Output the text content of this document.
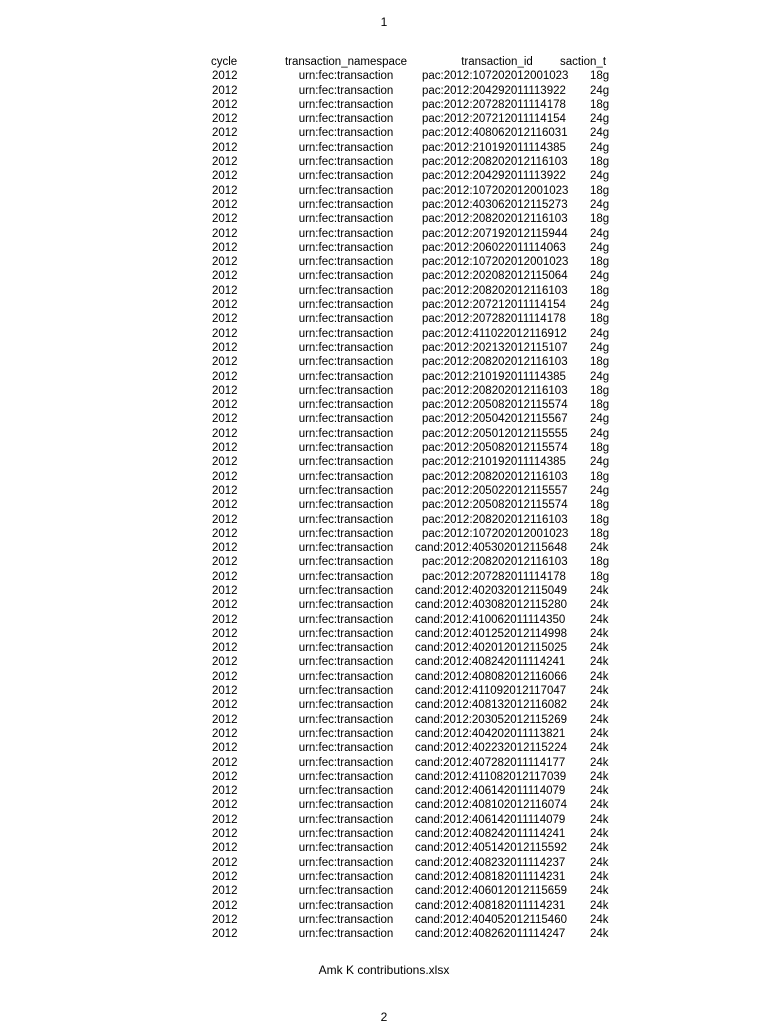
1
cycle	transaction_namespace	transaction_id	saction_t
2012	urn:fec:transaction	pac:2012:107202012001023	18g
2012	urn:fec:transaction	pac:2012:204292011113922	24g
2012	urn:fec:transaction	pac:2012:207282011114178	18g
2012	urn:fec:transaction	pac:2012:207212011114154	24g
2012	urn:fec:transaction	pac:2012:408062012116031	24g
2012	urn:fec:transaction	pac:2012:210192011114385	24g
2012	urn:fec:transaction	pac:2012:208202012116103	18g
2012	urn:fec:transaction	pac:2012:204292011113922	24g
2012	urn:fec:transaction	pac:2012:107202012001023	18g
2012	urn:fec:transaction	pac:2012:403062012115273	24g
2012	urn:fec:transaction	pac:2012:208202012116103	18g
2012	urn:fec:transaction	pac:2012:207192012115944	24g
2012	urn:fec:transaction	pac:2012:206022011114063	24g
2012	urn:fec:transaction	pac:2012:107202012001023	18g
2012	urn:fec:transaction	pac:2012:202082012115064	24g
2012	urn:fec:transaction	pac:2012:208202012116103	18g
2012	urn:fec:transaction	pac:2012:207212011114154	24g
2012	urn:fec:transaction	pac:2012:207282011114178	18g
2012	urn:fec:transaction	pac:2012:411022012116912	24g
2012	urn:fec:transaction	pac:2012:202132012115107	24g
2012	urn:fec:transaction	pac:2012:208202012116103	18g
2012	urn:fec:transaction	pac:2012:210192011114385	24g
2012	urn:fec:transaction	pac:2012:208202012116103	18g
2012	urn:fec:transaction	pac:2012:205082012115574	18g
2012	urn:fec:transaction	pac:2012:205042012115567	24g
2012	urn:fec:transaction	pac:2012:205012012115555	24g
2012	urn:fec:transaction	pac:2012:205082012115574	18g
2012	urn:fec:transaction	pac:2012:210192011114385	24g
2012	urn:fec:transaction	pac:2012:208202012116103	18g
2012	urn:fec:transaction	pac:2012:205022012115557	24g
2012	urn:fec:transaction	pac:2012:205082012115574	18g
2012	urn:fec:transaction	pac:2012:208202012116103	18g
2012	urn:fec:transaction	pac:2012:107202012001023	18g
2012	urn:fec:transaction	cand:2012:405302012115648	24k
2012	urn:fec:transaction	pac:2012:208202012116103	18g
2012	urn:fec:transaction	pac:2012:207282011114178	18g
2012	urn:fec:transaction	cand:2012:402032012115049	24k
2012	urn:fec:transaction	cand:2012:403082012115280	24k
2012	urn:fec:transaction	cand:2012:410062011114350	24k
2012	urn:fec:transaction	cand:2012:401252012114998	24k
2012	urn:fec:transaction	cand:2012:402012012115025	24k
2012	urn:fec:transaction	cand:2012:408242011114241	24k
2012	urn:fec:transaction	cand:2012:408082012116066	24k
2012	urn:fec:transaction	cand:2012:411092012117047	24k
2012	urn:fec:transaction	cand:2012:408132012116082	24k
2012	urn:fec:transaction	cand:2012:203052012115269	24k
2012	urn:fec:transaction	cand:2012:404202011113821	24k
2012	urn:fec:transaction	cand:2012:402232012115224	24k
2012	urn:fec:transaction	cand:2012:407282011114177	24k
2012	urn:fec:transaction	cand:2012:411082012117039	24k
2012	urn:fec:transaction	cand:2012:406142011114079	24k
2012	urn:fec:transaction	cand:2012:408102012116074	24k
2012	urn:fec:transaction	cand:2012:406142011114079	24k
2012	urn:fec:transaction	cand:2012:408242011114241	24k
2012	urn:fec:transaction	cand:2012:405142012115592	24k
2012	urn:fec:transaction	cand:2012:408232011114237	24k
2012	urn:fec:transaction	cand:2012:408182011114231	24k
2012	urn:fec:transaction	cand:2012:406012012115659	24k
2012	urn:fec:transaction	cand:2012:408182011114231	24k
2012	urn:fec:transaction	cand:2012:404052012115460	24k
2012	urn:fec:transaction	cand:2012:408262011114247	24k
Amk K contributions.xlsx
2
